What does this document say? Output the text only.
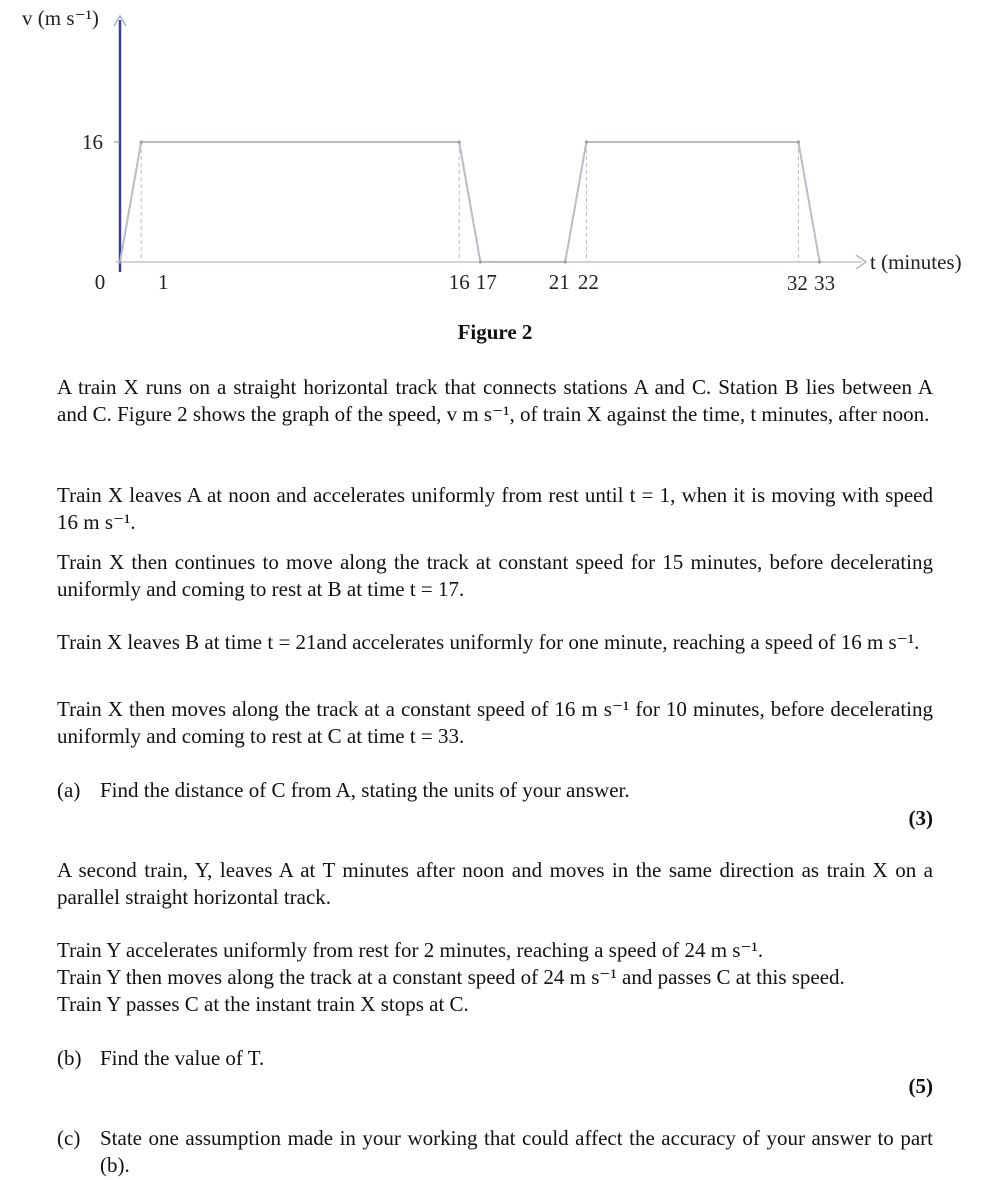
16
0	1	16 17 21 22	32 33
v (m s⁻¹)
t (minutes)
Figure 2

A train X runs on a straight horizontal track that connects stations A and C. Station B lies between A and C. Figure 2 shows the graph of the speed, v m s⁻¹, of train X against the time, t minutes, after noon.

Train X leaves A at noon and accelerates uniformly from rest until t = 1, when it is moving with speed 16 m s⁻¹.

Train X then continues to move along the track at constant speed for 15 minutes, before decelerating uniformly and coming to rest at B at time t = 17.

Train X leaves B at time t = 21and accelerates uniformly for one minute, reaching a speed of 16 m s⁻¹.

Train X then moves along the track at a constant speed of 16 m s⁻¹ for 10 minutes, before decelerating uniformly and coming to rest at C at time t = 33.

(a) Find the distance of C from A, stating the units of your answer.
(3)

A second train, Y, leaves A at T minutes after noon and moves in the same direction as train X on a parallel straight horizontal track.

Train Y accelerates uniformly from rest for 2 minutes, reaching a speed of 24 m s⁻¹.

Train Y then moves along the track at a constant speed of 24 m s⁻¹ and passes C at this speed.

Train Y passes C at the instant train X stops at C.

(b) Find the value of T.
(5)
(c) State one assumption made in your working that could affect the accuracy of your answer to part (b).
